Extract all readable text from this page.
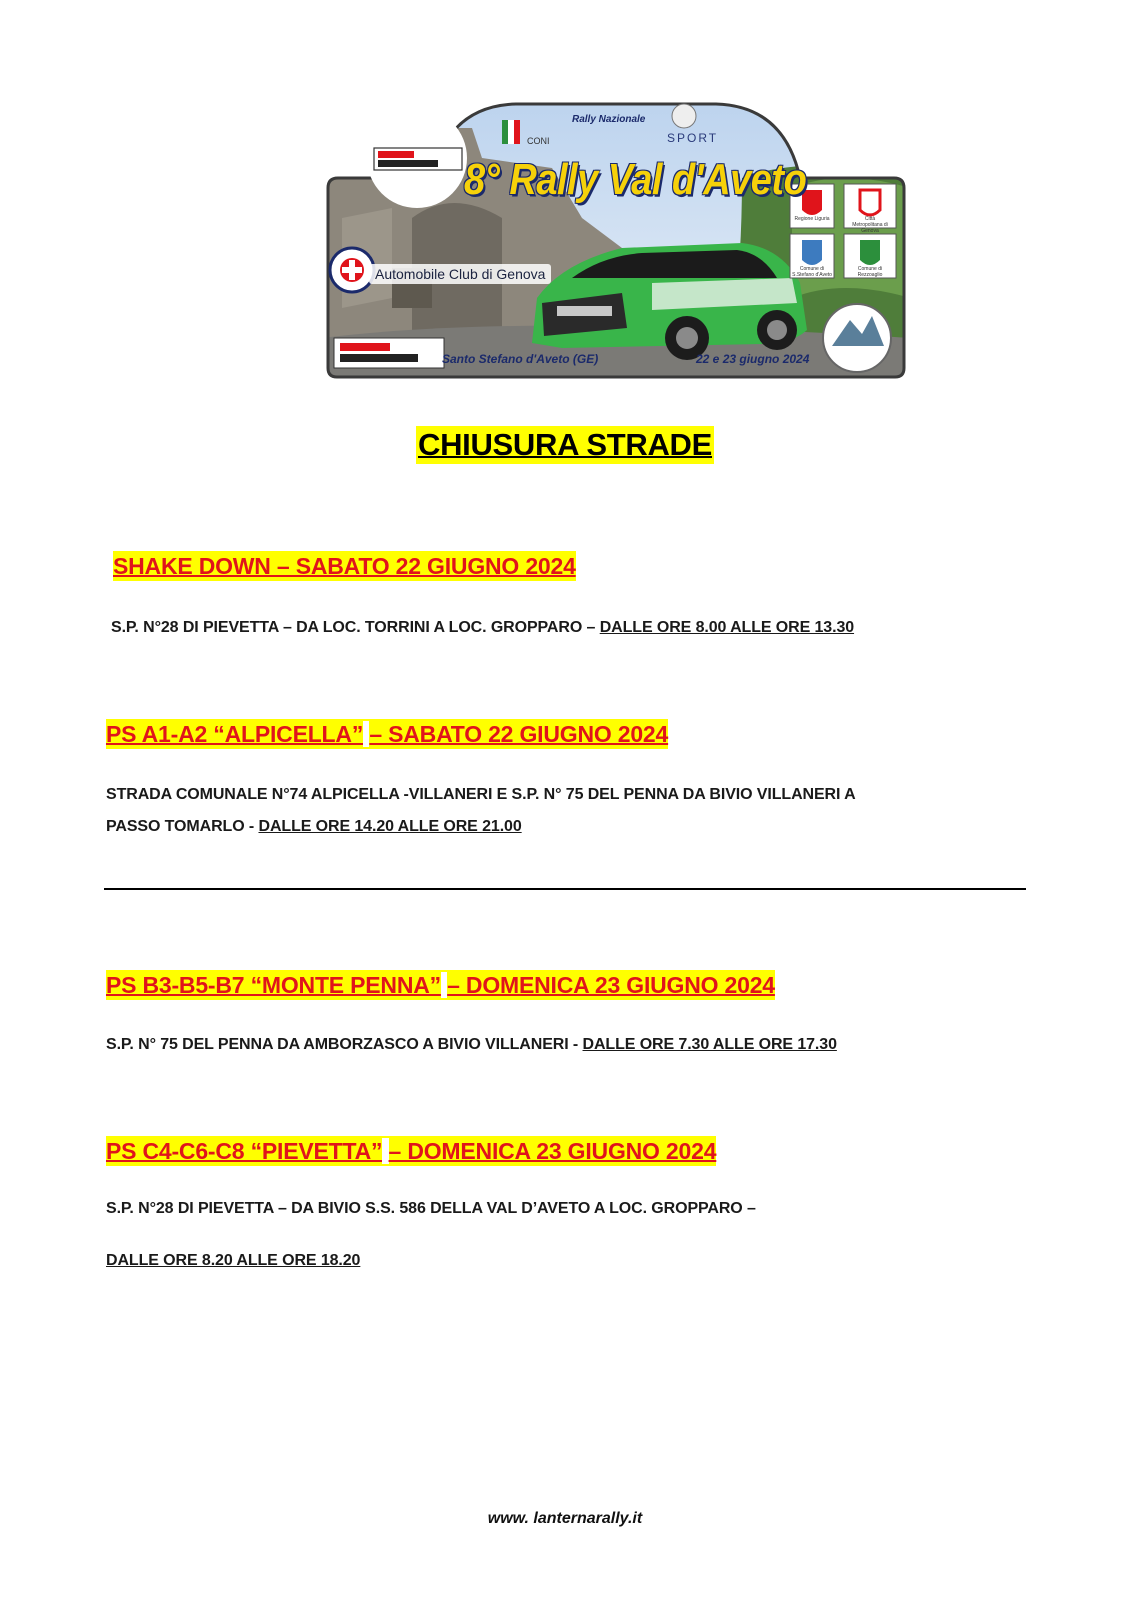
Rally Nazionale
CONI	SPORT
8° Rally Val d'Aveto
Automobile Club di Genova
Santo Stefano d'Aveto (GE)	22 e 23 giugno 2024
Regione Liguria	Città Metropolitana di Genova
Comune di S.Stefano d'Aveto
Comune di Rezzoaglio
CHIUSURA STRADE
SHAKE DOWN – SABATO 22 GIUGNO 2024
S.P. N°28 DI PIEVETTA – DA LOC. TORRINI A LOC. GROPPARO – DALLE ORE 8.00 ALLE ORE 13.30
PS A1-A2 “ALPICELLA” – SABATO 22 GIUGNO 2024
STRADA COMUNALE N°74 ALPICELLA -VILLANERI E S.P. N° 75 DEL PENNA DA BIVIO VILLANERI A
PASSO TOMARLO - DALLE ORE 14.20 ALLE ORE 21.00
PS B3-B5-B7 “MONTE PENNA” – DOMENICA 23 GIUGNO 2024
S.P. N° 75 DEL PENNA DA AMBORZASCO A BIVIO VILLANERI - DALLE ORE 7.30 ALLE ORE 17.30
PS C4-C6-C8 “PIEVETTA” – DOMENICA 23 GIUGNO 2024
S.P. N°28 DI PIEVETTA – DA BIVIO S.S. 586 DELLA VAL D’AVETO A LOC. GROPPARO –
DALLE ORE 8.20 ALLE ORE 18.20
www. lanternarally.it
